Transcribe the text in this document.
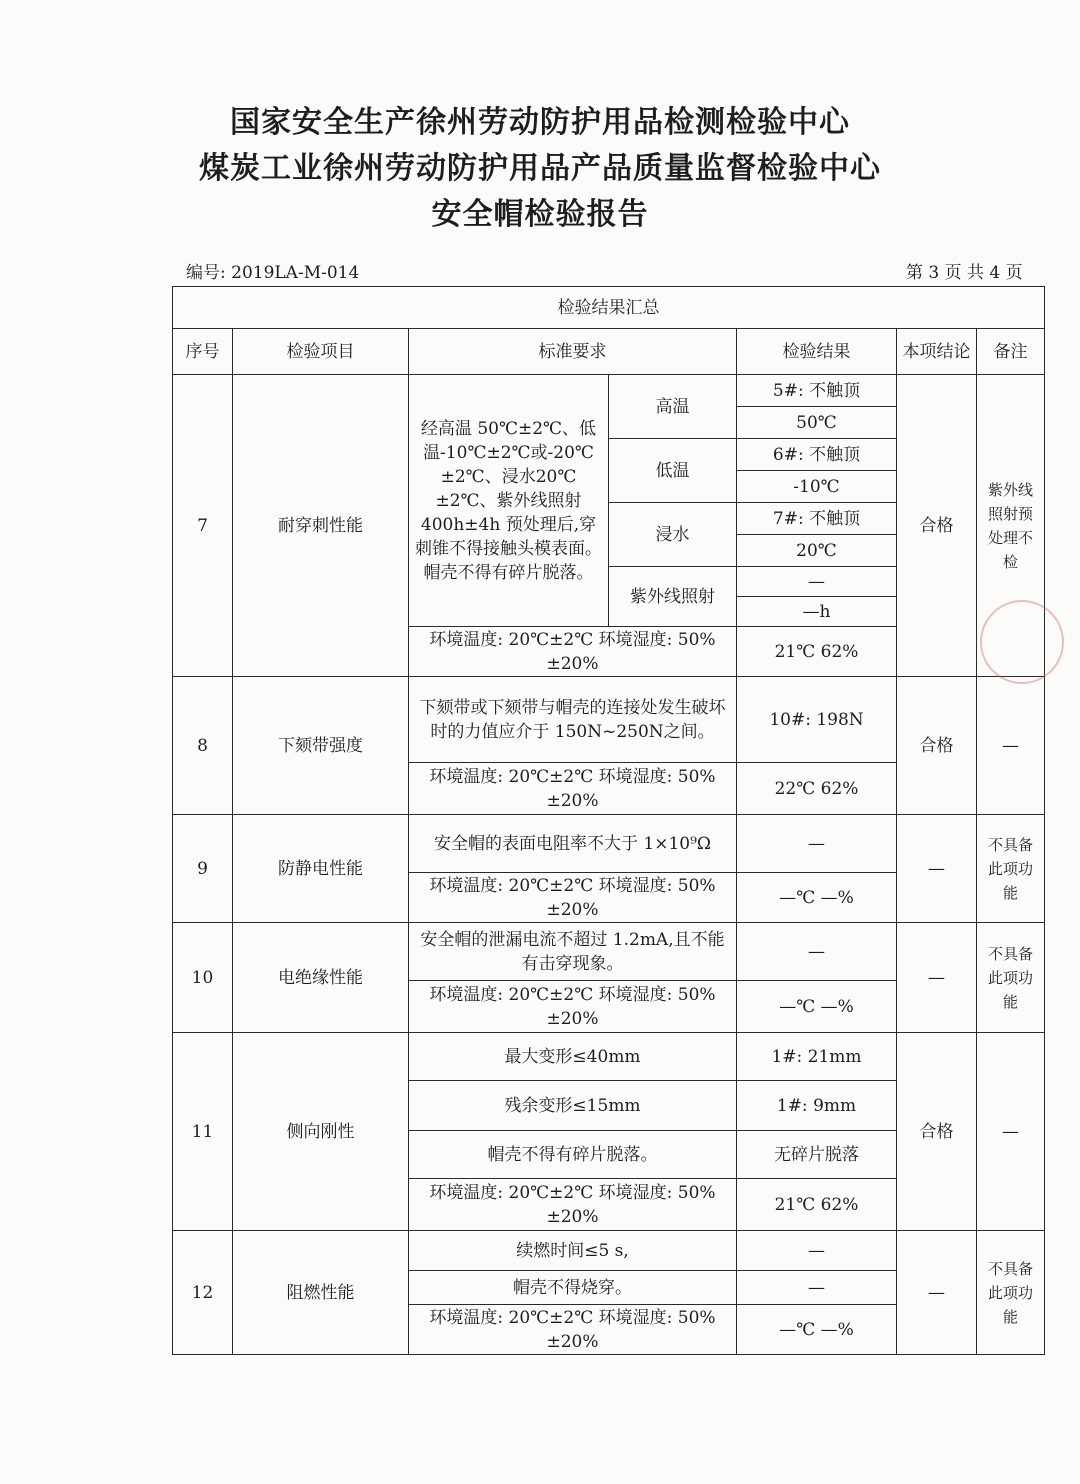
国家安全生产徐州劳动防护用品检测检验中心

煤炭工业徐州劳动防护用品产品质量监督检验中心

安全帽检验报告

编号: 2019LA-M-014	第 3 页 共 4 页
检验结果汇总						
序号	检验项目	标准要求		检验结果	本项结论	备注
7	耐穿刺性能	经高温 50℃±2℃、低温-10℃±2℃或-20℃±2℃、浸水20℃±2℃、紫外线照射 400h±4h 预处理后,穿刺锥不得接触头模表面。帽壳不得有碎片脱落。	高温	5#: 不触顶	合格	紫外线照射预处理不检
				50℃		
			低温	6#: 不触顶		
				-10℃		
			浸水	7#: 不触顶		
				20℃		
			紫外线照射	—		
				—h		
		环境温度: 20℃±2℃ 环境湿度: 50%±20%		21℃ 62%		
8	下颏带强度	下颏带或下颏带与帽壳的连接处发生破坏时的力值应介于 150N~250N之间。		10#: 198N	合格	—
		环境温度: 20℃±2℃ 环境湿度: 50%±20%		22℃ 62%		
9	防静电性能	安全帽的表面电阻率不大于 1×10⁹Ω		—	—	不具备此项功能
		环境温度: 20℃±2℃ 环境湿度: 50%±20%		—℃ —%		
10	电绝缘性能	安全帽的泄漏电流不超过 1.2mA,且不能有击穿现象。		—	—	不具备此项功能
		环境温度: 20℃±2℃ 环境湿度: 50%±20%		—℃ —%		
11	侧向刚性	最大变形≤40mm		1#: 21mm	合格	—
		残余变形≤15mm		1#: 9mm		
		帽壳不得有碎片脱落。		无碎片脱落		
		环境温度: 20℃±2℃ 环境湿度: 50%±20%		21℃ 62%		
12	阻燃性能	续燃时间≤5 s,		—	—	不具备此项功能
		帽壳不得烧穿。		—		
		环境温度: 20℃±2℃ 环境湿度: 50%±20%		—℃ —%		
